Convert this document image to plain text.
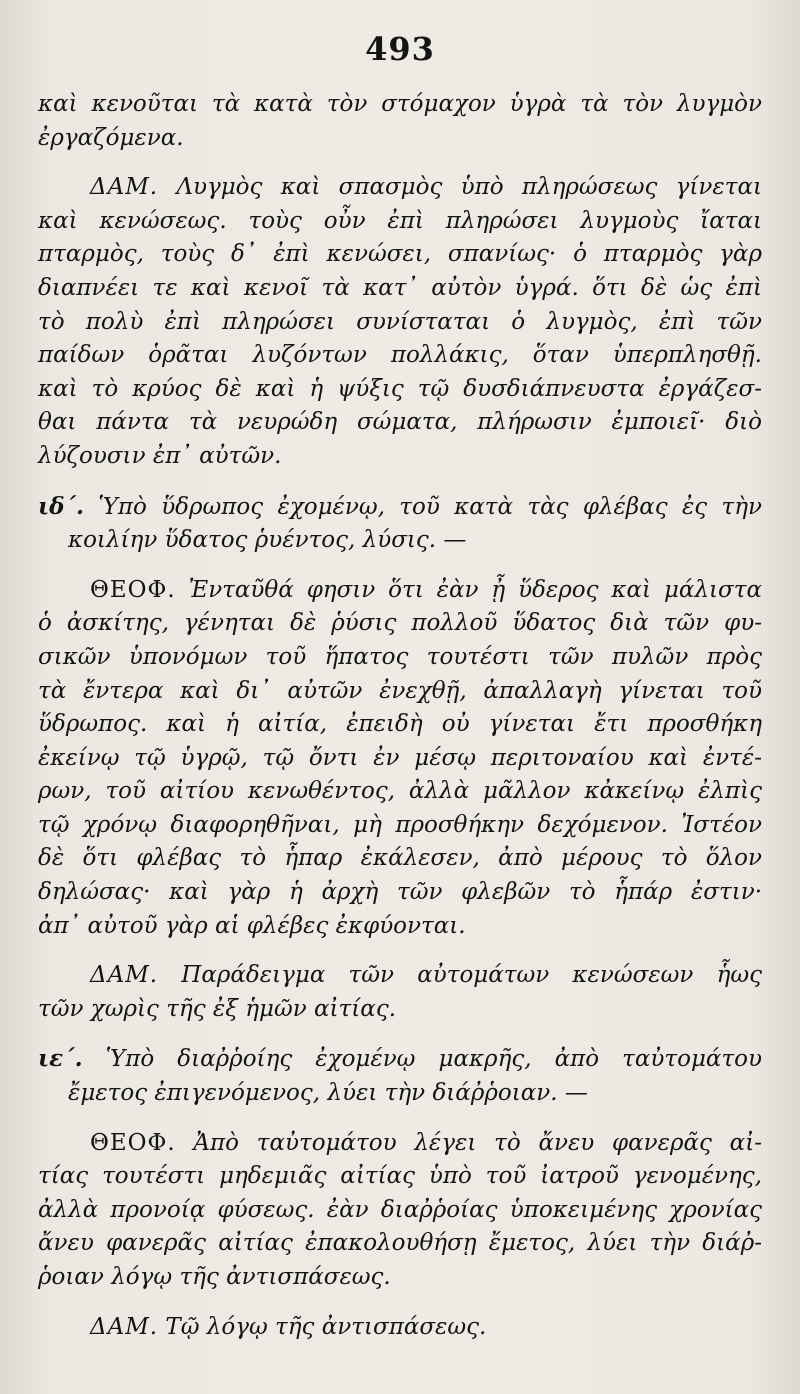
493
καὶ κενοῦται τὰ κατὰ τὸν στόμαχον ὑγρὰ τὰ τὸν λυγμὸν
ἐργαζόμενα.
ΔΑΜ. Λυγμὸς καὶ σπασμὸς ὑπὸ πληρώσεως γίνεται
καὶ κενώσεως. τοὺς οὖν ἐπὶ πληρώσει λυγμοὺς ἴαται
πταρμὸς, τοὺς δ᾽ ἐπὶ κενώσει, σπανίως· ὁ πταρμὸς γὰρ
διαπνέει τε καὶ κενοῖ τὰ κατ᾽ αὐτὸν ὑγρά. ὅτι δὲ ὡς ἐπὶ
τὸ πολὺ ἐπὶ πληρώσει συνίσταται ὁ λυγμὸς, ἐπὶ τῶν
παίδων ὁρᾶται λυζόντων πολλάκις, ὅταν ὑπερπλησθῇ.
καὶ τὸ κρύος δὲ καὶ ἡ ψύξις τῷ δυσδιάπνευστα ἐργάζεσ-
θαι πάντα τὰ νευρώδη σώματα, πλήρωσιν ἐμποιεῖ· διὸ
λύζουσιν ἐπ᾽ αὐτῶν.
ιδ΄. Ὑπὸ ὕδρωπος ἐχομένῳ, τοῦ κατὰ τὰς φλέβας ἐς τὴν
κοιλίην ὕδατος ῥυέντος, λύσις. —
ΘΕΟΦ. Ἐνταῦθά φησιν ὅτι ἐὰν ᾖ ὕδερος καὶ μάλιστα
ὁ ἀσκίτης, γένηται δὲ ῥύσις πολλοῦ ὕδατος διὰ τῶν φυ-
σικῶν ὑπονόμων τοῦ ἥπατος τουτέστι τῶν πυλῶν πρὸς
τὰ ἔντερα καὶ δι᾽ αὐτῶν ἐνεχθῇ, ἀπαλλαγὴ γίνεται τοῦ
ὕδρωπος. καὶ ἡ αἰτία, ἐπειδὴ οὐ γίνεται ἔτι προσθήκη
ἐκείνῳ τῷ ὑγρῷ, τῷ ὄντι ἐν μέσῳ περιτοναίου καὶ ἐντέ-
ρων, τοῦ αἰτίου κενωθέντος, ἀλλὰ μᾶλλον κἀκείνῳ ἐλπὶς
τῷ χρόνῳ διαφορηθῆναι, μὴ προσθήκην δεχόμενον. Ἰστέον
δὲ ὅτι φλέβας τὸ ἧπαρ ἐκάλεσεν, ἀπὸ μέρους τὸ ὅλον
δηλώσας· καὶ γὰρ ἡ ἀρχὴ τῶν φλεβῶν τὸ ἧπάρ ἐστιν·
ἀπ᾽ αὐτοῦ γὰρ αἱ φλέβες ἐκφύονται.
ΔΑΜ. Παράδειγμα τῶν αὐτομάτων κενώσεων ἧως
τῶν χωρὶς τῆς ἐξ ἡμῶν αἰτίας.
ιε΄. Ὑπὸ διαῤῥοίης ἐχομένῳ μακρῆς, ἀπὸ ταὐτομάτου
ἔμετος ἐπιγενόμενος, λύει τὴν διάῤῥοιαν. —
ΘΕΟΦ. Ἀπὸ ταὐτομάτου λέγει τὸ ἄνευ φανερᾶς αἰ-
τίας τουτέστι μηδεμιᾶς αἰτίας ὑπὸ τοῦ ἰατροῦ γενομένης,
ἀλλὰ προνοίᾳ φύσεως. ἐὰν διαῤῥοίας ὑποκειμένης χρονίας
ἄνευ φανερᾶς αἰτίας ἐπακολουθήσῃ ἔμετος, λύει τὴν διάῤ-
ῥοιαν λόγῳ τῆς ἀντισπάσεως.
ΔΑΜ. Τῷ λόγῳ τῆς ἀντισπάσεως.
